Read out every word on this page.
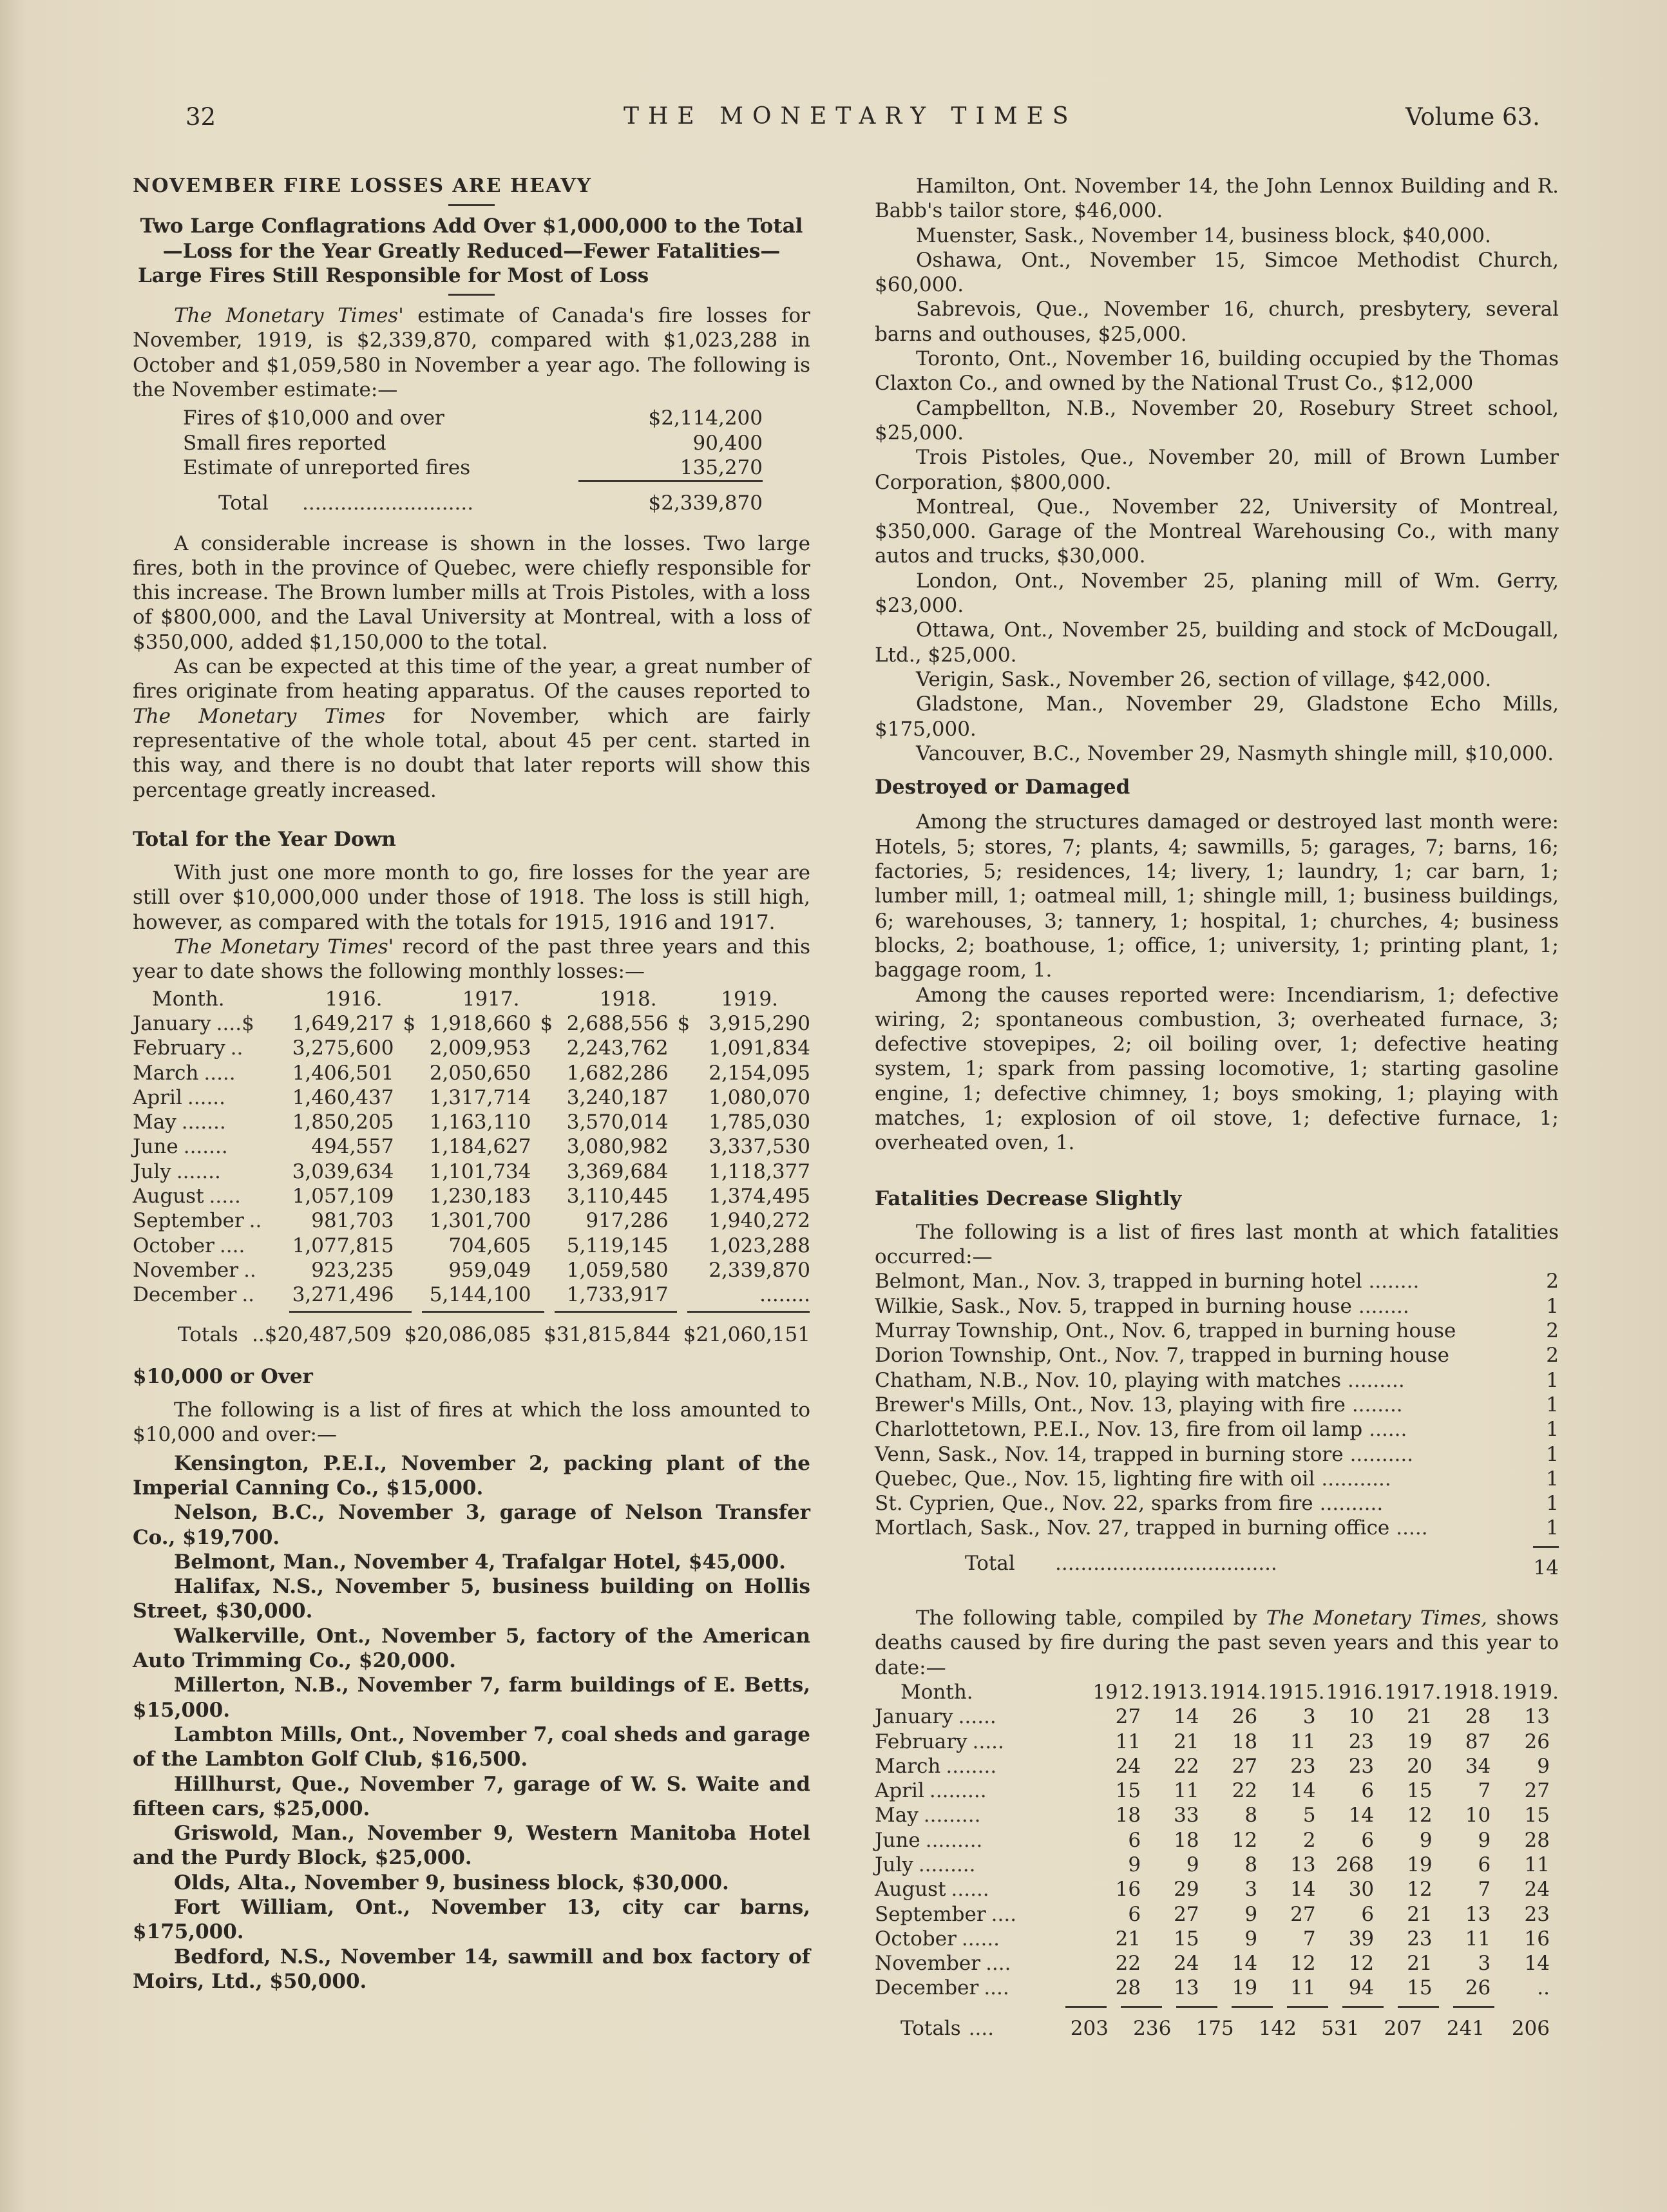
32	THE MONETARY TIMES	Volume 63.

NOVEMBER FIRE LOSSES ARE HEAVY

Two Large Conflagrations Add Over $1,000,000 to the Total—Loss for the Year Greatly Reduced—Fewer Fatalities—Large Fires Still Responsible for Most of Loss

The Monetary Times' estimate of Canada's fire losses for November, 1919, is $2,339,870, compared with $1,023,288 in October and $1,059,580 in November a year ago. The following is the November estimate:—

Fires of $10,000 and over	$2,114,200
Small fires reported	90,400
Estimate of unreported fires	135,270
	Total	...........................	$2,339,870

A considerable increase is shown in the losses. Two large fires, both in the province of Quebec, were chiefly responsible for this increase. The Brown lumber mills at Trois Pistoles, with a loss of $800,000, and the Laval University at Montreal, with a loss of $350,000, added $1,150,000 to the total.

As can be expected at this time of the year, a great number of fires originate from heating apparatus. Of the causes reported to The Monetary Times for November, which are fairly representative of the whole total, about 45 per cent. started in this way, and there is no doubt that later reports will show this percentage greatly increased.

Total for the Year Down

With just one more month to go, fire losses for the year are still over $10,000,000 under those of 1918. The loss is still high, however, as compared with the totals for 1915, 1916 and 1917.

The Monetary Times' record of the past three years and this year to date shows the following monthly losses:—

Month.	1916.	1917.	1918.	1919.
January ....$	1,649,217 $	1,918,660 $	2,688,556 $	3,915,290
February ..	3,275,600	2,009,953	2,243,762	1,091,834
March .....	1,406,501	2,050,650	1,682,286	2,154,095
April ......	1,460,437	1,317,714	3,240,187	1,080,070
May .......	1,850,205	1,163,110	3,570,014	1,785,030
June .......	494,557	1,184,627	3,080,982	3,337,530
July .......	3,039,634	1,101,734	3,369,684	1,118,377
August .....	1,057,109	1,230,183	3,110,445	1,374,495
September ..	981,703	1,301,700	917,286	1,940,272
October ....	1,077,815	704,605	5,119,145	1,023,288
November ..	923,235	959,049	1,059,580	2,339,870
December ..	3,271,496	5,144,100	1,733,917	........
Totals	..$20,487,509	$20,086,085	$31,815,844	$21,060,151

$10,000 or Over

The following is a list of fires at which the loss amounted to $10,000 and over:—

Kensington, P.E.I., November 2, packing plant of the Imperial Canning Co., $15,000.

Nelson, B.C., November 3, garage of Nelson Transfer Co., $19,700.

Belmont, Man., November 4, Trafalgar Hotel, $45,000.

Halifax, N.S., November 5, business building on Hollis Street, $30,000.

Walkerville, Ont., November 5, factory of the American Auto Trimming Co., $20,000.

Millerton, N.B., November 7, farm buildings of E. Betts, $15,000.

Lambton Mills, Ont., November 7, coal sheds and garage of the Lambton Golf Club, $16,500.

Hillhurst, Que., November 7, garage of W. S. Waite and fifteen cars, $25,000.

Griswold, Man., November 9, Western Manitoba Hotel and the Purdy Block, $25,000.

Olds, Alta., November 9, business block, $30,000.

Fort William, Ont., November 13, city car barns, $175,000.

Bedford, N.S., November 14, sawmill and box factory of Moirs, Ltd., $50,000.

Hamilton, Ont. November 14, the John Lennox Building and R. Babb's tailor store, $46,000.

Muenster, Sask., November 14, business block, $40,000.

Oshawa, Ont., November 15, Simcoe Methodist Church, $60,000.

Sabrevois, Que., November 16, church, presbytery, several barns and outhouses, $25,000.

Toronto, Ont., November 16, building occupied by the Thomas Claxton Co., and owned by the National Trust Co., $12,000

Campbellton, N.B., November 20, Rosebury Street school, $25,000.

Trois Pistoles, Que., November 20, mill of Brown Lumber Corporation, $800,000.

Montreal, Que., November 22, University of Montreal, $350,000. Garage of the Montreal Warehousing Co., with many autos and trucks, $30,000.

London, Ont., November 25, planing mill of Wm. Gerry, $23,000.

Ottawa, Ont., November 25, building and stock of McDougall, Ltd., $25,000.

Verigin, Sask., November 26, section of village, $42,000.

Gladstone, Man., November 29, Gladstone Echo Mills, $175,000.

Vancouver, B.C., November 29, Nasmyth shingle mill, $10,000.

Destroyed or Damaged

Among the structures damaged or destroyed last month were: Hotels, 5; stores, 7; plants, 4; sawmills, 5; garages, 7; barns, 16; factories, 5; residences, 14; livery, 1; laundry, 1; car barn, 1; lumber mill, 1; oatmeal mill, 1; shingle mill, 1; business buildings, 6; warehouses, 3; tannery, 1; hospital, 1; churches, 4; business blocks, 2; boathouse, 1; office, 1; university, 1; printing plant, 1; baggage room, 1.

Among the causes reported were: Incendiarism, 1; defective wiring, 2; spontaneous combustion, 3; overheated furnace, 3; defective stovepipes, 2; oil boiling over, 1; defective heating system, 1; spark from passing locomotive, 1; starting gasoline engine, 1; defective chimney, 1; boys smoking, 1; playing with matches, 1; explosion of oil stove, 1; defective furnace, 1; overheated oven, 1.

Fatalities Decrease Slightly

The following is a list of fires last month at which fatalities occurred:—

Belmont, Man., Nov. 3, trapped in burning hotel ........	2
Wilkie, Sask., Nov. 5, trapped in burning house ........	1
Murray Township, Ont., Nov. 6, trapped in burning house	2
Dorion Township, Ont., Nov. 7, trapped in burning house	2
Chatham, N.B., Nov. 10, playing with matches .........	1
Brewer's Mills, Ont., Nov. 13, playing with fire ........	1
Charlottetown, P.E.I., Nov. 13, fire from oil lamp ......	1
Venn, Sask., Nov. 14, trapped in burning store ..........	1
Quebec, Que., Nov. 15, lighting fire with oil ...........	1
St. Cyprien, Que., Nov. 22, sparks from fire ..........	1
Mortlach, Sask., Nov. 27, trapped in burning office .....	1
Total	...................................	14

The following table, compiled by The Monetary Times, shows deaths caused by fire during the past seven years and this year to date:—

Month.	1912.	1913.	1914.	1915.	1916.	1917.	1918.	1919.
January ......	27	14	26	3	10	21	28	13
February .....	11	21	18	11	23	19	87	26
March ........	24	22	27	23	23	20	34	9
April .........	15	11	22	14	6	15	7	27
May .........	18	33	8	5	14	12	10	15
June .........	6	18	12	2	6	9	9	28
July .........	9	9	8	13	268	19	6	11
August ......	16	29	3	14	30	12	7	24
September ....	6	27	9	27	6	21	13	23
October ......	21	15	9	7	39	23	11	16
November ....	22	24	14	12	12	21	3	14
December ....	28	13	19	11	94	15	26	..
Totals ....	203	236	175	142	531	207	241	206
